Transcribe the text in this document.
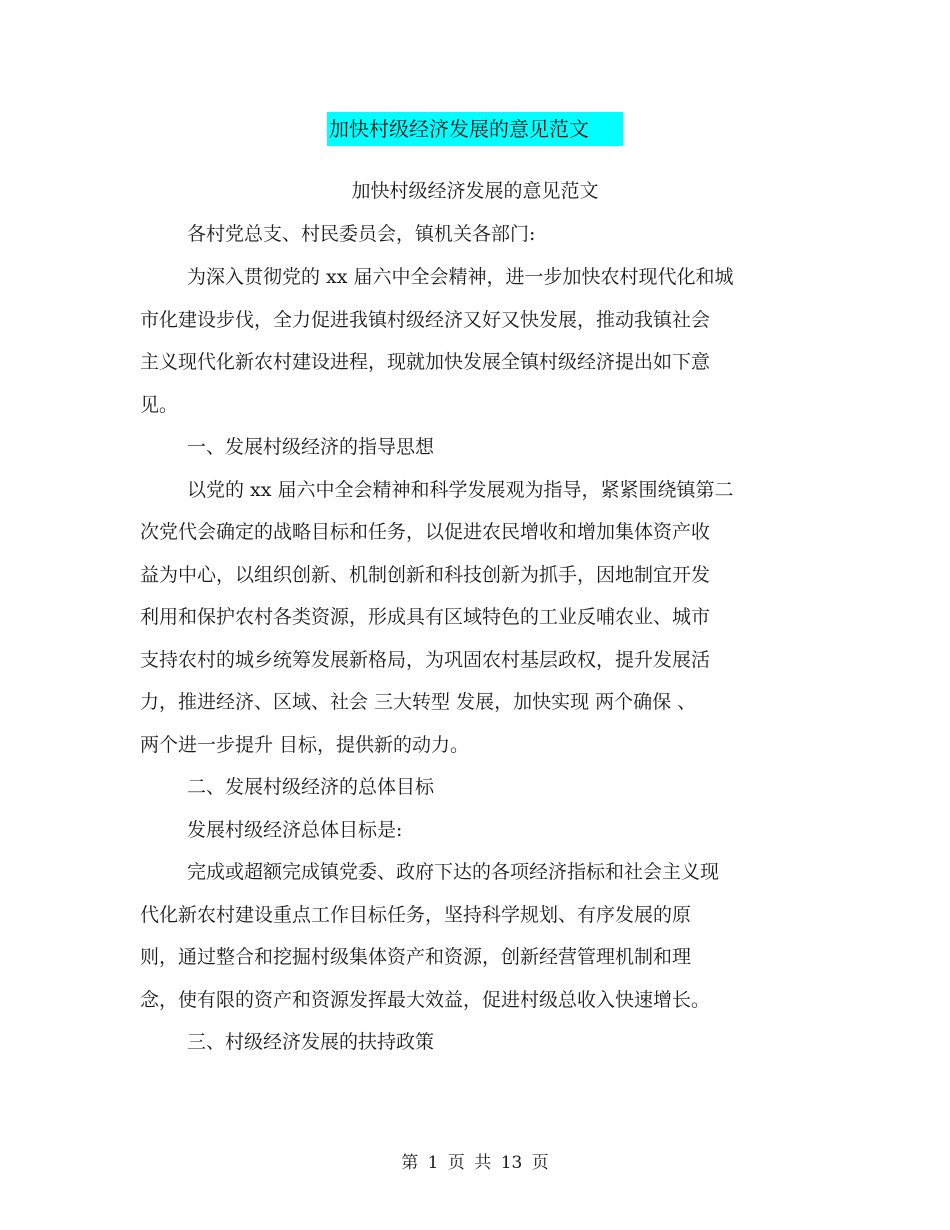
加快村级经济发展的意见范文
加快村级经济发展的意见范文
各村党总支、村民委员会，镇机关各部门:
为深入贯彻党的 xx 届六中全会精神，进一步加快农村现代化和城
市化建设步伐，全力促进我镇村级经济又好又快发展，推动我镇社会
主义现代化新农村建设进程，现就加快发展全镇村级经济提出如下意
见。
一、发展村级经济的指导思想
以党的 xx 届六中全会精神和科学发展观为指导，紧紧围绕镇第二
次党代会确定的战略目标和任务，以促进农民增收和增加集体资产收
益为中心，以组织创新、机制创新和科技创新为抓手，因地制宜开发
利用和保护农村各类资源，形成具有区域特色的工业反哺农业、城市
支持农村的城乡统筹发展新格局，为巩固农村基层政权，提升发展活
力，推进经济、区域、社会 三大转型 发展，加快实现 两个确保 、
两个进一步提升 目标，提供新的动力。
二、发展村级经济的总体目标
发展村级经济总体目标是:
完成或超额完成镇党委、政府下达的各项经济指标和社会主义现
代化新农村建设重点工作目标任务，坚持科学规划、有序发展的原
则，通过整合和挖掘村级集体资产和资源，创新经营管理机制和理
念，使有限的资产和资源发挥最大效益，促进村级总收入快速增长。
三、村级经济发展的扶持政策
第 1 页 共 13 页
